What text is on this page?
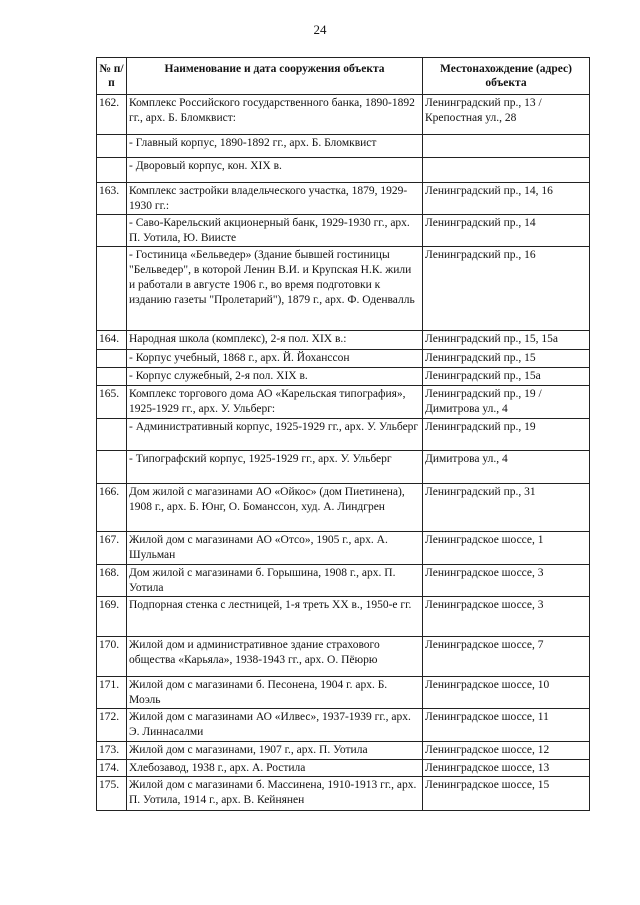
24
№ п/п	Наименование и дата сооружения объекта	Местонахождение (адрес) объекта
162.	Комплекс Российского государственного банка, 1890-1892 гг., арх. Б. Бломквист:	Ленинградский пр., 13 / Крепостная ул., 28
	- Главный корпус, 1890-1892 гг., арх. Б. Бломквист	
	- Дворовый корпус, кон. XIX в.	
163.	Комплекс застройки владельческого участка, 1879, 1929-1930 гг.:	Ленинградский пр., 14, 16
	- Саво-Карельский акционерный банк, 1929-1930 гг., арх. П. Уотила, Ю. Виисте	Ленинградский пр., 14
	- Гостиница «Бельведер» (Здание бывшей гостиницы "Бельведер", в которой Ленин В.И. и Крупская Н.К. жили и работали в августе 1906 г., во время подготовки к изданию газеты "Пролетарий"), 1879 г., арх. Ф. Оденвалль	Ленинградский пр., 16
164.	Народная школа (комплекс), 2-я пол. XIX в.:	Ленинградский пр., 15, 15а
	- Корпус учебный, 1868 г., арх. Й. Йоханссон	Ленинградский пр., 15
	- Корпус служебный, 2-я пол. XIX в.	Ленинградский пр., 15а
165.	Комплекс торгового дома АО «Карельская типография», 1925-1929 гг., арх. У. Ульберг:	Ленинградский пр., 19 / Димитрова ул., 4
	- Административный корпус, 1925-1929 гг., арх. У. Ульберг	Ленинградский пр., 19
	- Типографский корпус, 1925-1929 гг., арх. У. Ульберг	Димитрова ул., 4
166.	Дом жилой с магазинами АО «Ойкос» (дом Пиетинена), 1908 г., арх. Б. Юнг, О. Бомансcон, худ. А. Линдгрен	Ленинградский пр., 31
167.	Жилой дом с магазинами АО «Отсо», 1905 г., арх. А. Шульман	Ленинградское шоссе, 1
168.	Дом жилой с магазинами б. Горышина, 1908 г., арх. П. Уотила	Ленинградское шоссе, 3
169.	Подпорная стенка с лестницей, 1-я треть XX в., 1950-е гг.	Ленинградское шоссе, 3
170.	Жилой дом и административное здание страхового общества «Карьяла», 1938-1943 гг., арх. О. Пёюрю	Ленинградское шоссе, 7
171.	Жилой дом с магазинами б. Песонена, 1904 г. арх. Б. Моэль	Ленинградское шоссе, 10
172.	Жилой дом с магазинами АО «Илвес», 1937-1939 гг., арх. Э. Линнасалми	Ленинградское шоссе, 11
173.	Жилой дом с магазинами, 1907 г., арх. П. Уотила	Ленинградское шоссе, 12
174.	Хлебозавод, 1938 г., арх. А. Ростила	Ленинградское шоссе, 13
175.	Жилой дом с магазинами б. Массинена, 1910-1913 гг., арх. П. Уотила, 1914 г., арх. В. Кейнянен	Ленинградское шоссе, 15
